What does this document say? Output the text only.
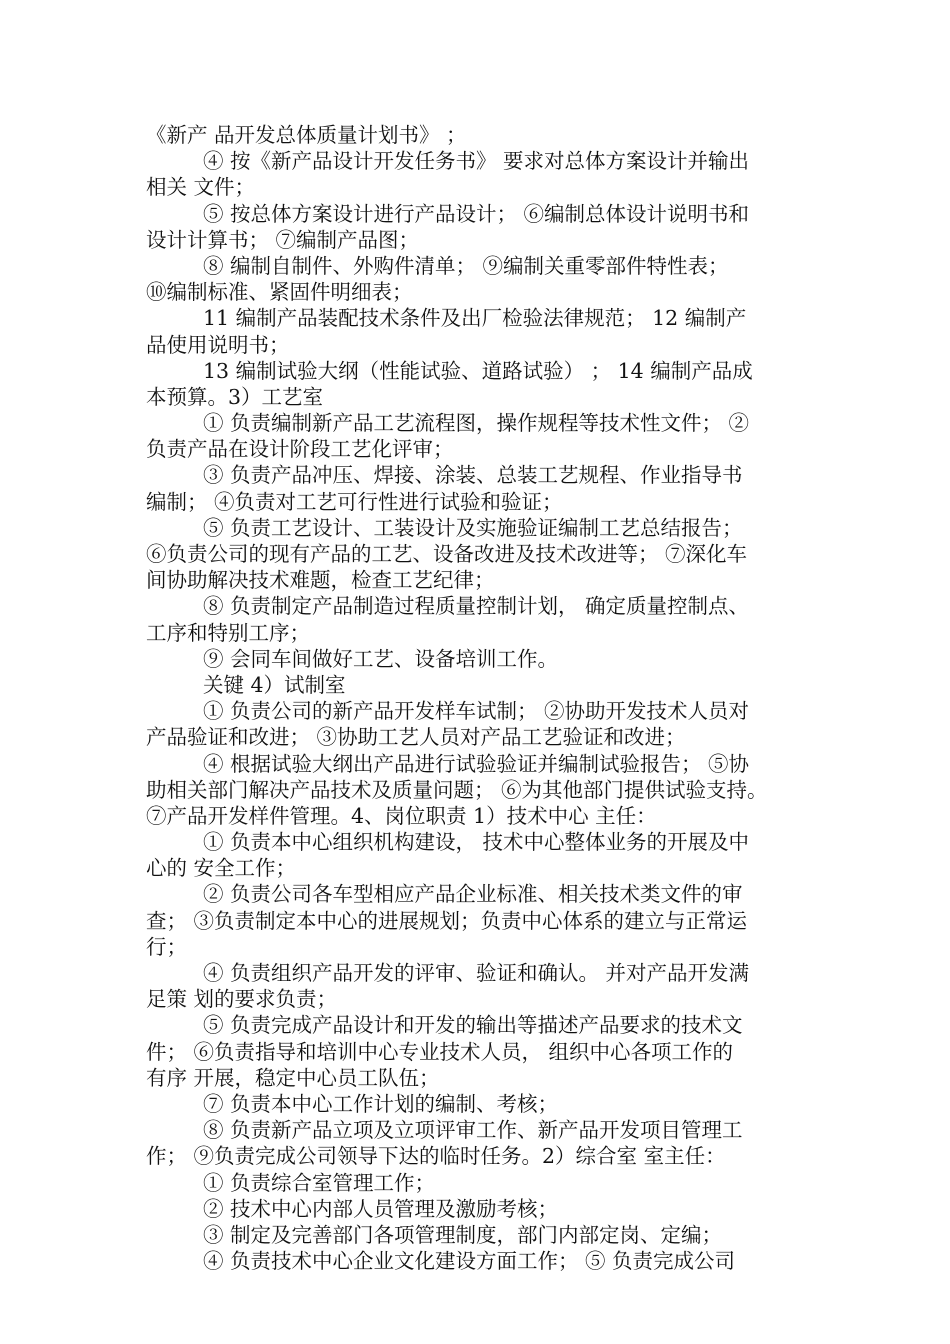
《新产 品开发总体质量计划书》 ；
④ 按《新产品设计开发任务书》 要求对总体方案设计并输出
相关 文件；
⑤ 按总体方案设计进行产品设计； ⑥编制总体设计说明书和
设计计算书； ⑦编制产品图；
⑧ 编制自制件、外购件清单； ⑨编制关重零部件特性表；
⑩编制标准、紧固件明细表；
11 编制产品装配技术条件及出厂检验法律规范； 12 编制产
品使用说明书；
13 编制试验大纲（性能试验、道路试验） ； 14 编制产品成
本预算。3）工艺室
① 负责编制新产品工艺流程图，操作规程等技术性文件； ②
负责产品在设计阶段工艺化评审；
③ 负责产品冲压、焊接、涂装、总装工艺规程、作业指导书
编制； ④负责对工艺可行性进行试验和验证；
⑤ 负责工艺设计、工装设计及实施验证编制工艺总结报告；
⑥负责公司的现有产品的工艺、设备改进及技术改进等； ⑦深化车
间协助解决技术难题，检查工艺纪律；
⑧ 负责制定产品制造过程质量控制计划， 确定质量控制点、
工序和特别工序；
⑨ 会同车间做好工艺、设备培训工作。
关键 4）试制室
① 负责公司的新产品开发样车试制； ②协助开发技术人员对
产品验证和改进； ③协助工艺人员对产品工艺验证和改进；
④ 根据试验大纲出产品进行试验验证并编制试验报告； ⑤协
助相关部门解决产品技术及质量问题； ⑥为其他部门提供试验支持。
⑦产品开发样件管理。4、岗位职责 1）技术中心 主任：
① 负责本中心组织机构建设， 技术中心整体业务的开展及中
心的 安全工作；
② 负责公司各车型相应产品企业标准、相关技术类文件的审
查； ③负责制定本中心的进展规划；负责中心体系的建立与正常运
行；
④ 负责组织产品开发的评审、验证和确认。 并对产品开发满
足策 划的要求负责；
⑤ 负责完成产品设计和开发的输出等描述产品要求的技术文
件； ⑥负责指导和培训中心专业技术人员， 组织中心各项工作的
有序 开展，稳定中心员工队伍；
⑦ 负责本中心工作计划的编制、考核；
⑧ 负责新产品立项及立项评审工作、新产品开发项目管理工
作； ⑨负责完成公司领导下达的临时任务。2）综合室 室主任：
① 负责综合室管理工作；
② 技术中心内部人员管理及激励考核；
③ 制定及完善部门各项管理制度，部门内部定岗、定编；
④ 负责技术中心企业文化建设方面工作； ⑤ 负责完成公司
